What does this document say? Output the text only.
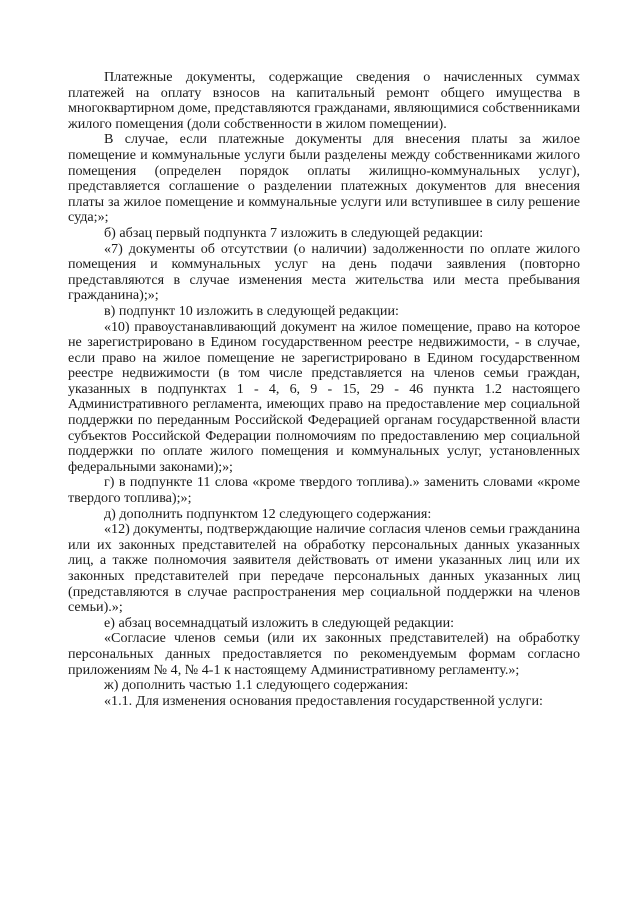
Платежные документы, содержащие сведения о начисленных суммах платежей на оплату взносов на капитальный ремонт общего имущества в многоквартирном доме, представляются гражданами, являющимися собственниками жилого помещения (доли собственности в жилом помещении).

В случае, если платежные документы для внесения платы за жилое помещение и коммунальные услуги были разделены между собственниками жилого помещения (определен порядок оплаты жилищно-коммунальных услуг), представляется соглашение о разделении платежных документов для внесения платы за жилое помещение и коммунальные услуги или вступившее в силу решение суда;»;

б) абзац первый подпункта 7 изложить в следующей редакции:

«7) документы об отсутствии (о наличии) задолженности по оплате жилого помещения и коммунальных услуг на день подачи заявления (повторно представляются в случае изменения места жительства или места пребывания гражданина);»;

в) подпункт 10 изложить в следующей редакции:

«10) правоустанавливающий документ на жилое помещение, право на которое не зарегистрировано в Едином государственном реестре недвижимости, - в случае, если право на жилое помещение не зарегистрировано в Едином государственном реестре недвижимости (в том числе представляется на членов семьи граждан, указанных в подпунктах 1 - 4, 6, 9 - 15, 29 - 46 пункта 1.2 настоящего Административного регламента, имеющих право на предоставление мер социальной поддержки по переданным Российской Федерацией органам государственной власти субъектов Российской Федерации полномочиям по предоставлению мер социальной поддержки по оплате жилого помещения и коммунальных услуг, установленных федеральными законами);»;

г) в подпункте 11 слова «кроме твердого топлива).» заменить словами «кроме твердого топлива);»;

д) дополнить подпунктом 12 следующего содержания:

«12) документы, подтверждающие наличие согласия членов семьи гражданина или их законных представителей на обработку персональных данных указанных лиц, а также полномочия заявителя действовать от имени указанных лиц или их законных представителей при передаче персональных данных указанных лиц (представляются в случае распространения мер социальной поддержки на членов семьи).»;

е) абзац восемнадцатый изложить в следующей редакции:

«Согласие членов семьи (или их законных представителей) на обработку персональных данных предоставляется по рекомендуемым формам согласно приложениям № 4, № 4-1 к настоящему Административному регламенту.»;

ж) дополнить частью 1.1 следующего содержания:

«1.1. Для изменения основания предоставления государственной услуги:
